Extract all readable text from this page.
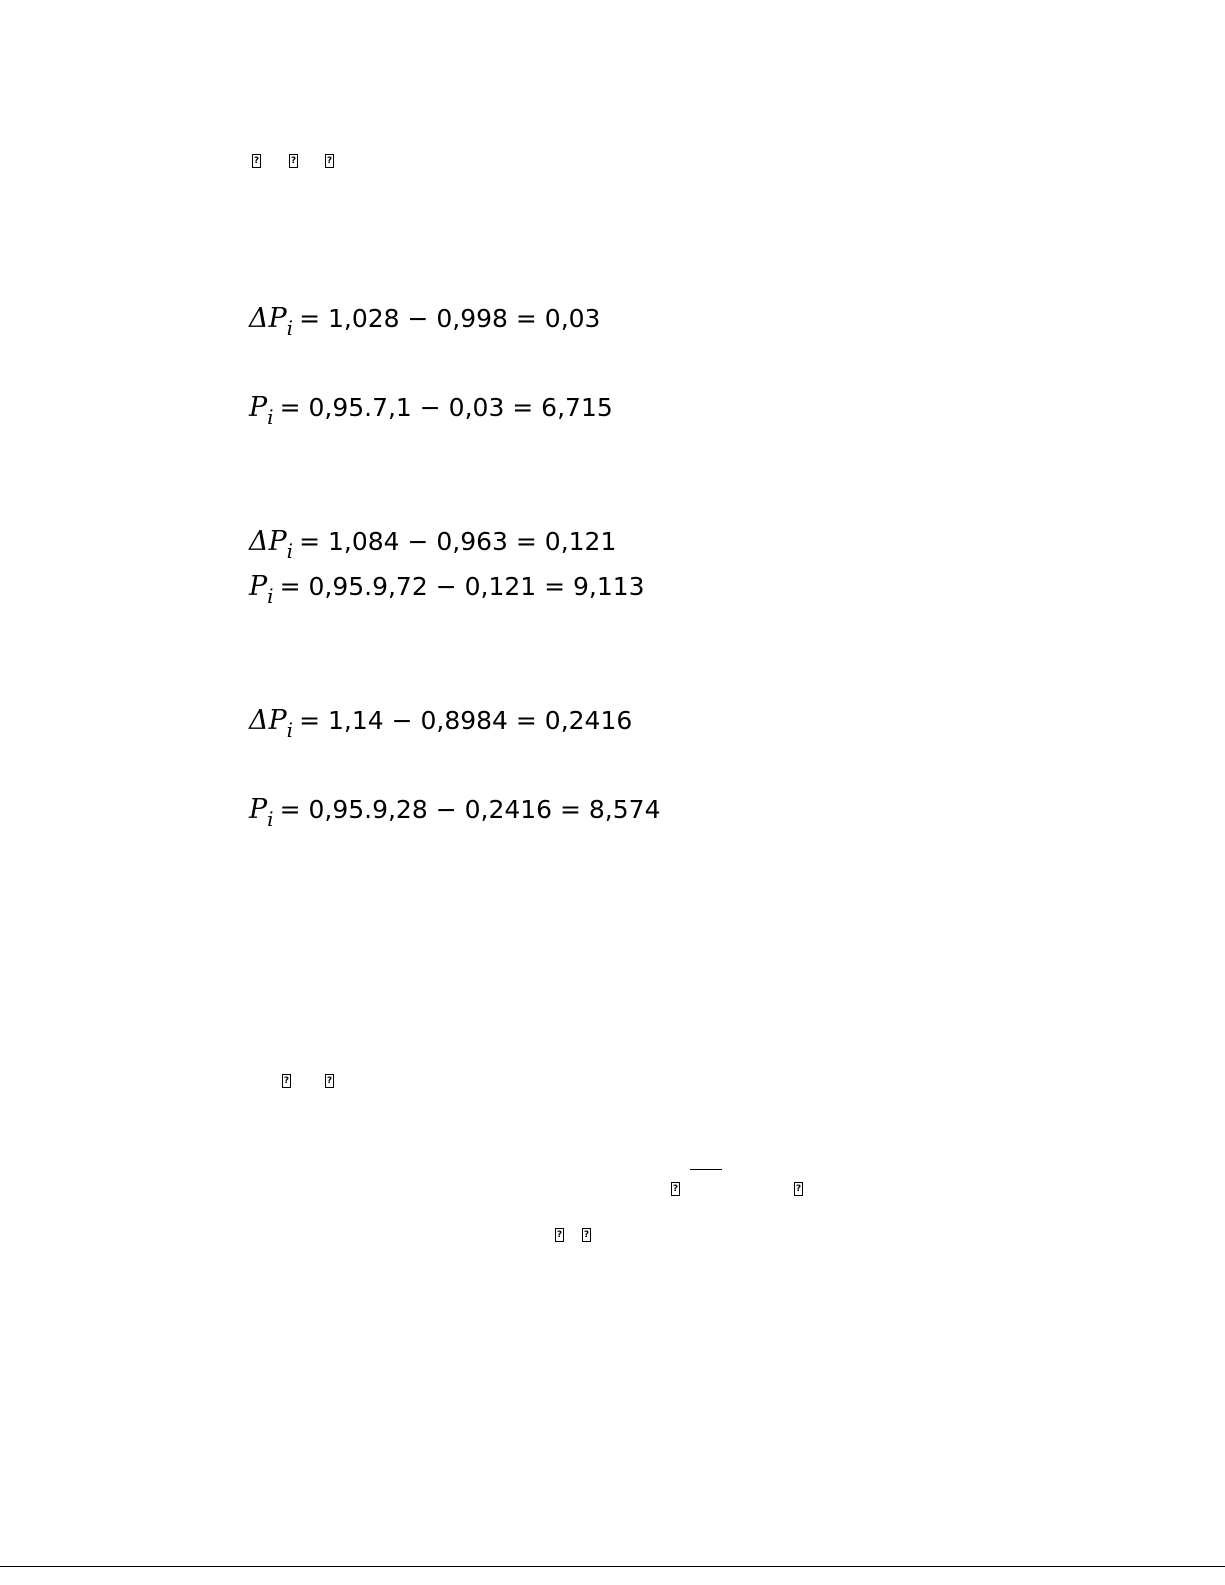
?	?	?
$\Delta P_i = 1,028 - 0,998 = 0,03$
$P_i = 0,95.7,1 - 0,03 = 6,715$
$\Delta P_i = 1,084 - 0,963 = 0,121$
$P_i = 0,95.9,72 - 0,121 = 9,113$
$\Delta P_i = 1,14 - 0,8984 = 0,2416$
$P_i = 0,95.9,28 - 0,2416 = 8,574$
?	?
?	?
? ?
